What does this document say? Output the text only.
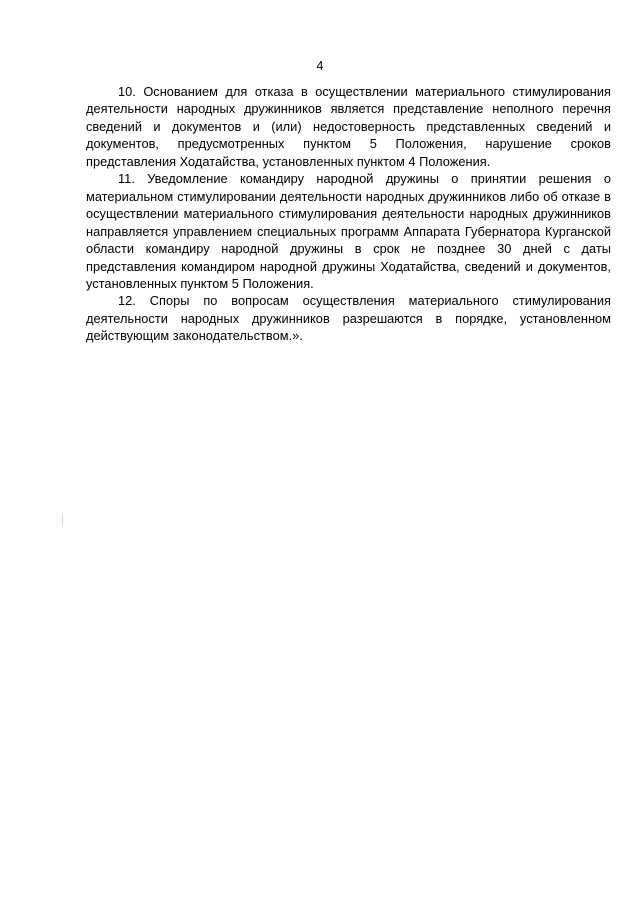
4

10. Основанием для отказа в осуществлении материального стимулирования деятельности народных дружинников является представление неполного перечня сведений и документов и (или) недостоверность представленных сведений и документов, предусмотренных пунктом 5 Положения, нарушение сроков представления Ходатайства, установленных пунктом 4 Положения.

11. Уведомление командиру народной дружины о принятии решения о материальном стимулировании деятельности народных дружинников либо об отказе в осуществлении материального стимулирования деятельности народных дружинников направляется управлением специальных программ Аппарата Губернатора Курганской области командиру народной дружины в срок не позднее 30 дней с даты представления командиром народной дружины Ходатайства, сведений и документов, установленных пунктом 5 Положения.

12. Споры по вопросам осуществления материального стимулирования деятельности народных дружинников разрешаются в порядке, установленном действующим законодательством.».
